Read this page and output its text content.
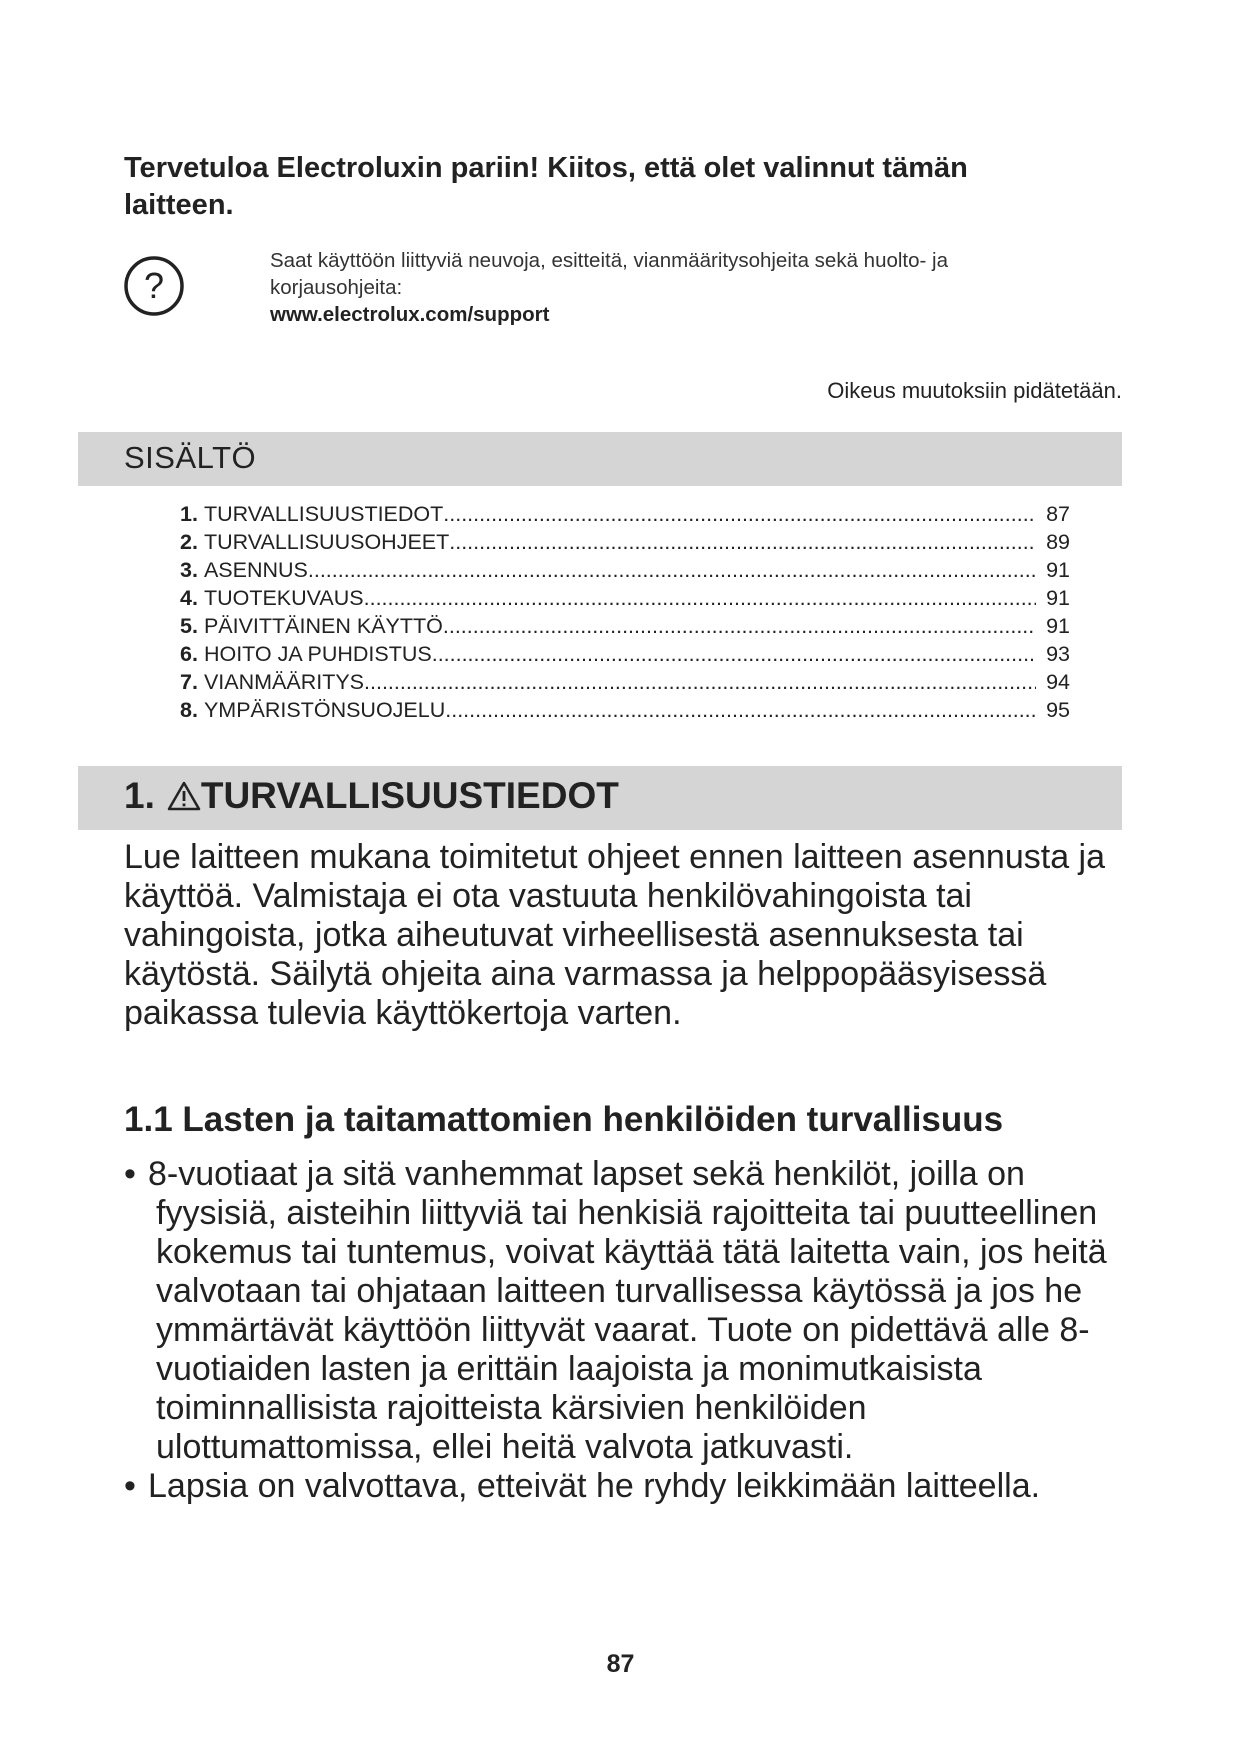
Tervetuloa Electroluxin pariin! Kiitos, että olet valinnut tämän laitteen.
?
Saat käyttöön liittyviä neuvoja, esitteitä, vianmääritysohjeita sekä huolto- ja korjausohjeita:
www.electrolux.com/support
Oikeus muutoksiin pidätetään.
SISÄLTÖ
1. TURVALLISUUSTIEDOT .....	87
2. TURVALLISUUSOHJEET .....	89
3. ASENNUS .....	91
4. TUOTEKUVAUS .....	91
5. PÄIVITTÄINEN KÄYTTÖ .....	91
6. HOITO JA PUHDISTUS .....	93
7. VIANMÄÄRITYS .....	94
8. YMPÄRISTÖNSUOJELU .....	95
1. TURVALLISUUSTIEDOT

Lue laitteen mukana toimitetut ohjeet ennen laitteen asennusta ja käyttöä. Valmistaja ei ota vastuuta henkilövahingoista tai vahingoista, jotka aiheutuvat virheellisestä asennuksesta tai käytöstä. Säilytä ohjeita aina varmassa ja helppopääsyisessä paikassa tulevia käyttökertoja varten.

1.1 Lasten ja taitamattomien henkilöiden turvallisuus
• 8-vuotiaat ja sitä vanhemmat lapset sekä henkilöt, joilla on fyysisiä, aisteihin liittyviä tai henkisiä rajoitteita tai puutteellinen kokemus tai tuntemus, voivat käyttää tätä laitetta vain, jos heitä valvotaan tai ohjataan laitteen turvallisessa käytössä ja jos he ymmärtävät käyttöön liittyvät vaarat. Tuote on pidettävä alle 8-vuotiaiden lasten ja erittäin laajoista ja monimutkaisista toiminnallisista rajoitteista kärsivien henkilöiden ulottumattomissa, ellei heitä valvota jatkuvasti.
• Lapsia on valvottava, etteivät he ryhdy leikkimään laitteella.
87
